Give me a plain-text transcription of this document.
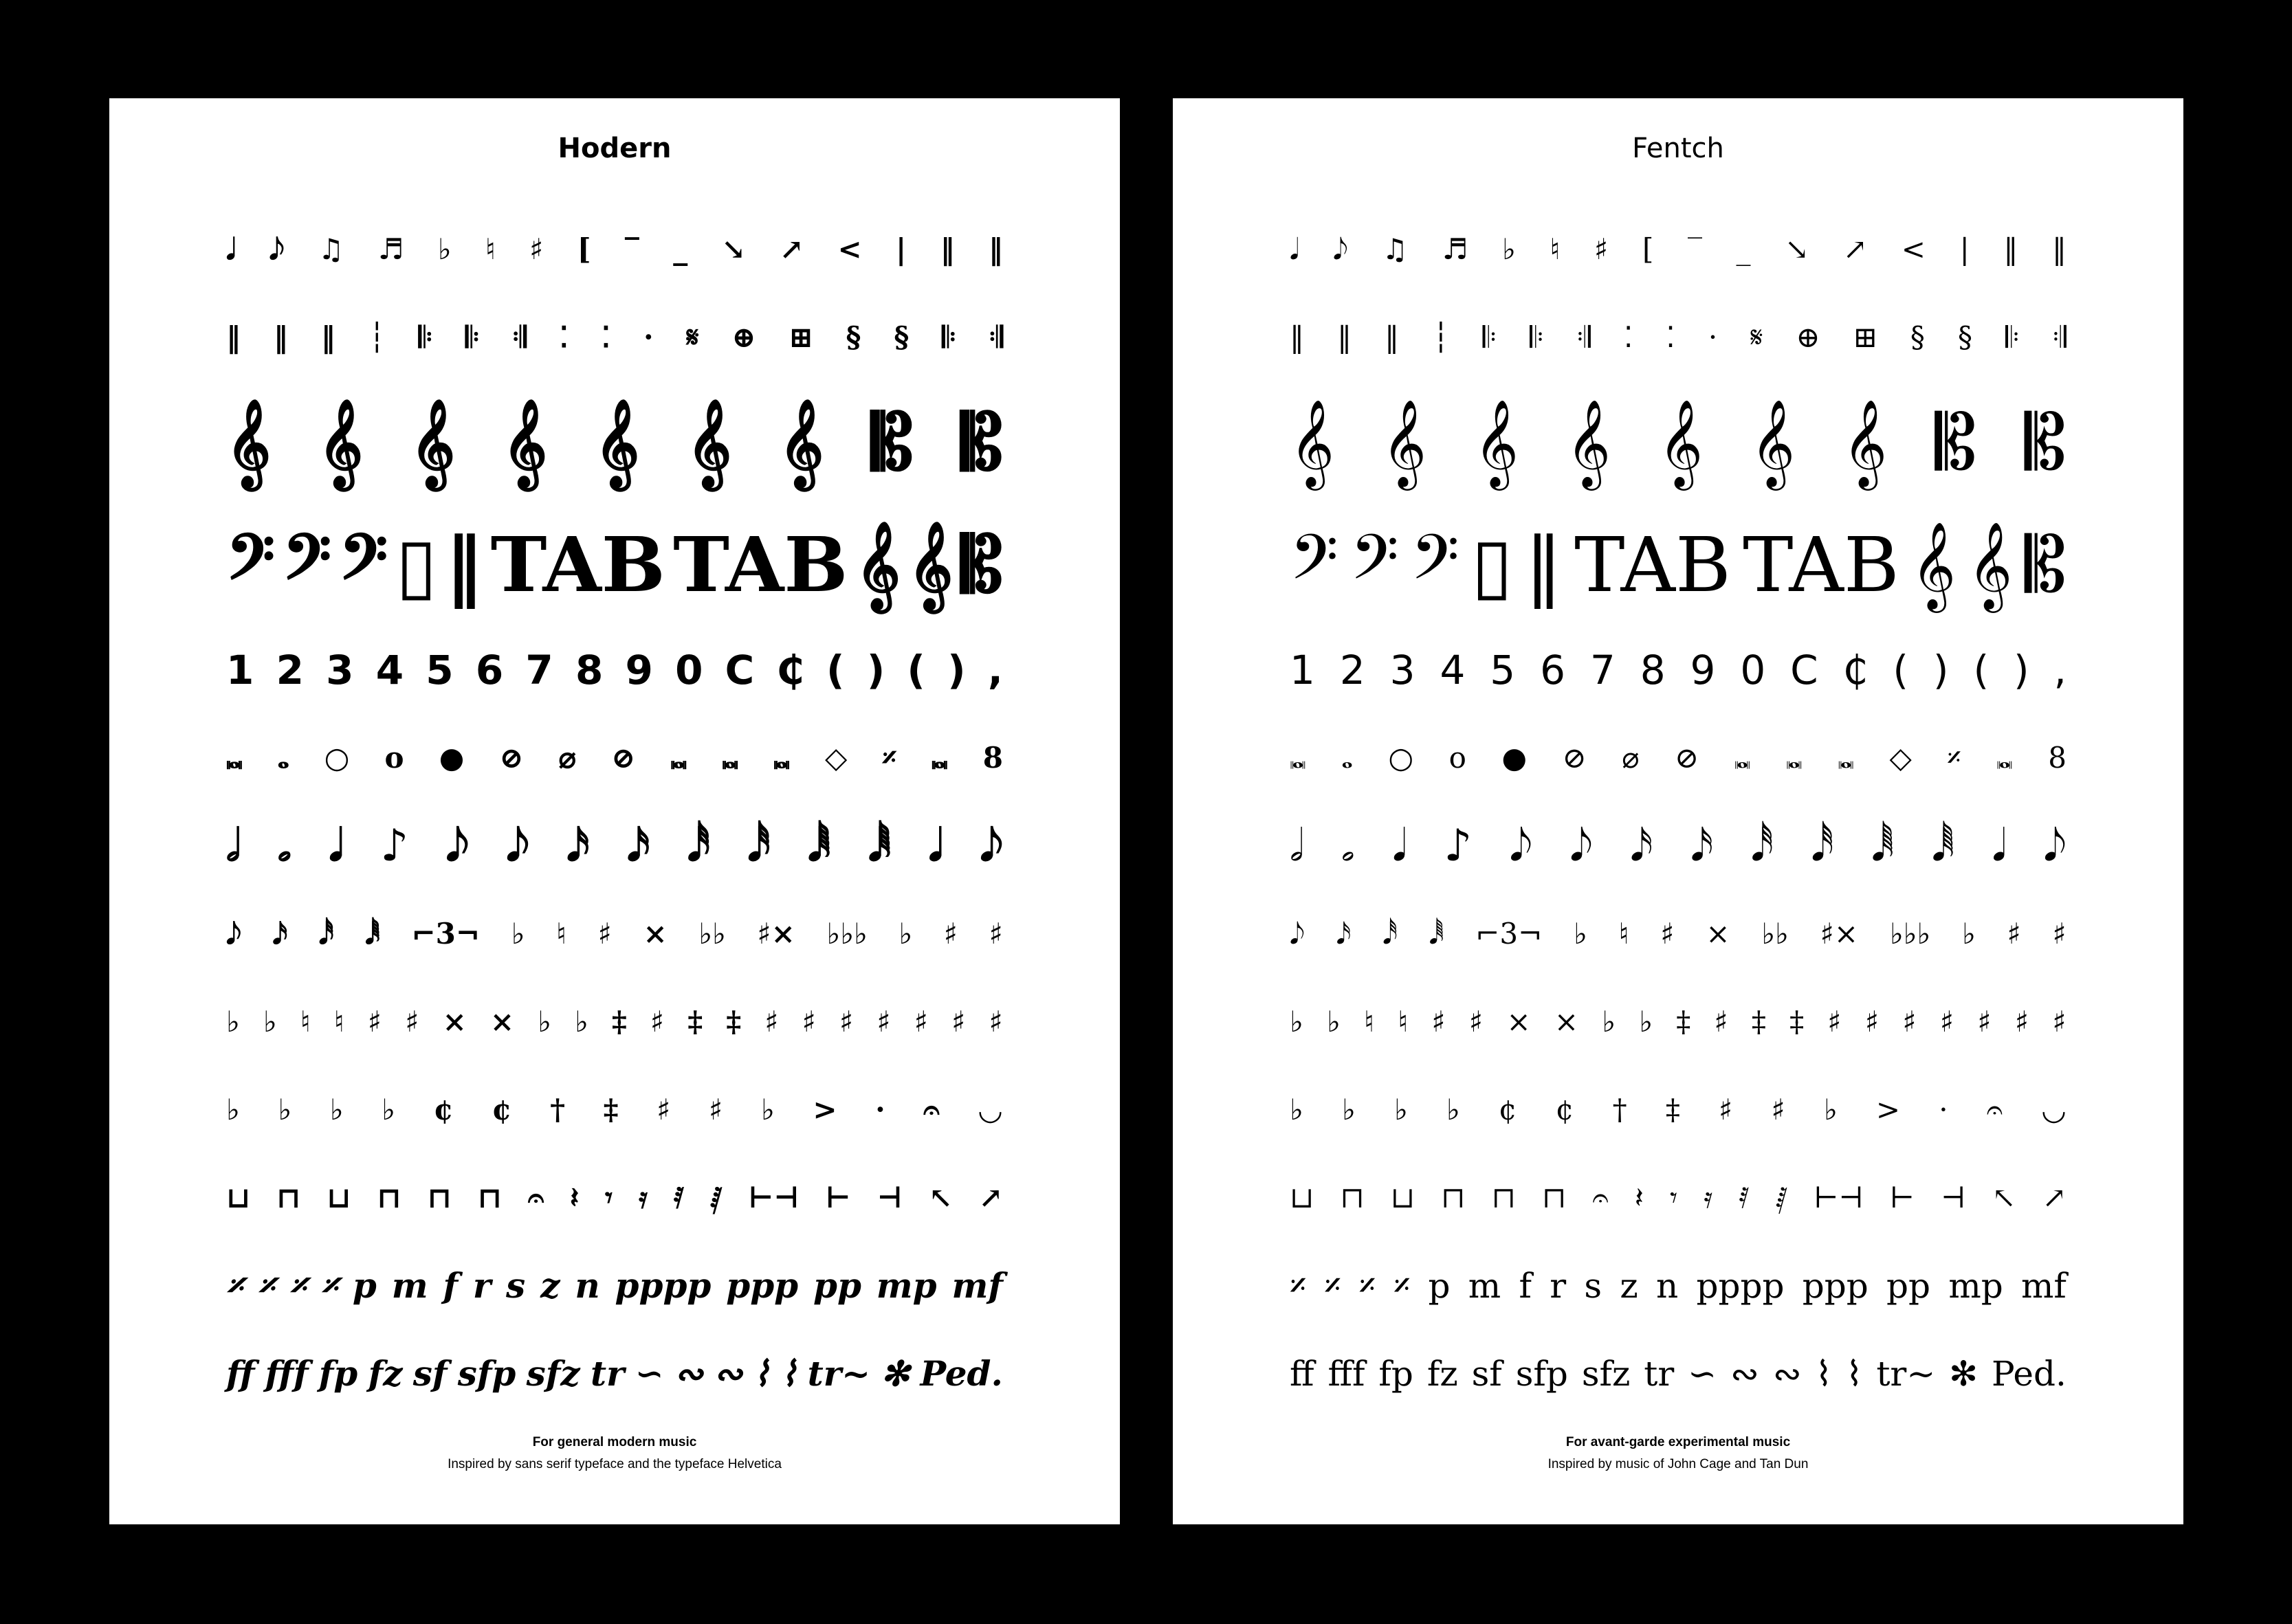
Hodern
𝅘𝅥 𝅘𝅥𝅮 ♫ ♬ ♭ ♮ ♯ [ ‾ _ ↘ ↗ < | ‖ ‖
‖ ‖ ‖ ┆ 𝄆 𝄆 𝄇 ⁚ ⁚ · 𝄋 ⊕ ⊞ § § 𝄆 𝄇
𝄞 𝄞 𝄞 𝄞 𝄞 𝄞 𝄞 𝄡 𝄡
𝄢 𝄢 𝄢 ▯ ‖ TAB TAB 𝄞 𝄞 𝄡
1 2 3 4 5 6 7 8 9 0 C ₵ ( ) ( ) ,
𝅜 𝅝 ○ o ● ⊘ ⌀ ⊘ 𝅜 𝅜 𝅜 ◇ 𝄎 𝅜 8
𝅗𝅥 𝅗 𝅘𝅥 ♪ 𝅘𝅥𝅮 𝅘𝅥𝅮 𝅘𝅥𝅯 𝅘𝅥𝅯 𝅘𝅥𝅰 𝅘𝅥𝅰 𝅘𝅥𝅱 𝅘𝅥𝅱 𝅘𝅥 𝅘𝅥𝅮
𝅘𝅥𝅮 𝅘𝅥𝅯 𝅘𝅥𝅰 𝅘𝅥𝅱 ⌐3¬ ♭ ♮ ♯ × ♭♭ ♯× ♭♭♭ ♭ ♯ ♯
♭ ♭ ♮ ♮ ♯ ♯ × × ♭ ♭ ‡ ♯ ‡ ‡ ♯ ♯ ♯ ♯ ♯ ♯ ♯
♭ ♭ ♭ ♭ ¢ ¢ † ‡ ♯ ♯ ♭ > · 𝄐 ◡
⊔ ⊓ ⊔ ⊓ ⊓ ⊓ 𝄐 𝄽 𝄾 𝄿 𝅀 𝅁 ⊢⊣ ⊢ ⊣ ↖ ↗
𝄎 𝄎 𝄎 𝄎 p m f r s z n pppp ppp pp mp mf
ff fff fp fz sf sfp sfz tr ∽ ∾ ∾ ⌇ ⌇ tr~ ✻ Ped.
For general modern music
Inspired by sans serif typeface and the typeface Helvetica
Fentch
𝅘𝅥 𝅘𝅥𝅮 ♫ ♬ ♭ ♮ ♯ [ ‾ _ ↘ ↗ < | ‖ ‖
‖ ‖ ‖ ┆ 𝄆 𝄆 𝄇 ⁚ ⁚ · 𝄋 ⊕ ⊞ § § 𝄆 𝄇
𝄞 𝄞 𝄞 𝄞 𝄞 𝄞 𝄞 𝄡 𝄡
𝄢 𝄢 𝄢 ▯ ‖ TAB TAB 𝄞 𝄞 𝄡
1 2 3 4 5 6 7 8 9 0 C ₵ ( ) ( ) ,
𝅜 𝅝 ○ o ● ⊘ ⌀ ⊘ 𝅜 𝅜 𝅜 ◇ 𝄎 𝅜 8
𝅗𝅥 𝅗 𝅘𝅥 ♪ 𝅘𝅥𝅮 𝅘𝅥𝅮 𝅘𝅥𝅯 𝅘𝅥𝅯 𝅘𝅥𝅰 𝅘𝅥𝅰 𝅘𝅥𝅱 𝅘𝅥𝅱 𝅘𝅥 𝅘𝅥𝅮
𝅘𝅥𝅮 𝅘𝅥𝅯 𝅘𝅥𝅰 𝅘𝅥𝅱 ⌐3¬ ♭ ♮ ♯ × ♭♭ ♯× ♭♭♭ ♭ ♯ ♯
♭ ♭ ♮ ♮ ♯ ♯ × × ♭ ♭ ‡ ♯ ‡ ‡ ♯ ♯ ♯ ♯ ♯ ♯ ♯
♭ ♭ ♭ ♭ ¢ ¢ † ‡ ♯ ♯ ♭ > · 𝄐 ◡
⊔ ⊓ ⊔ ⊓ ⊓ ⊓ 𝄐 𝄽 𝄾 𝄿 𝅀 𝅁 ⊢⊣ ⊢ ⊣ ↖ ↗
𝄎 𝄎 𝄎 𝄎 p m f r s z n pppp ppp pp mp mf
ff fff fp fz sf sfp sfz tr ∽ ∾ ∾ ⌇ ⌇ tr~ ✻ Ped.
For avant-garde experimental music
Inspired by music of John Cage and Tan Dun
